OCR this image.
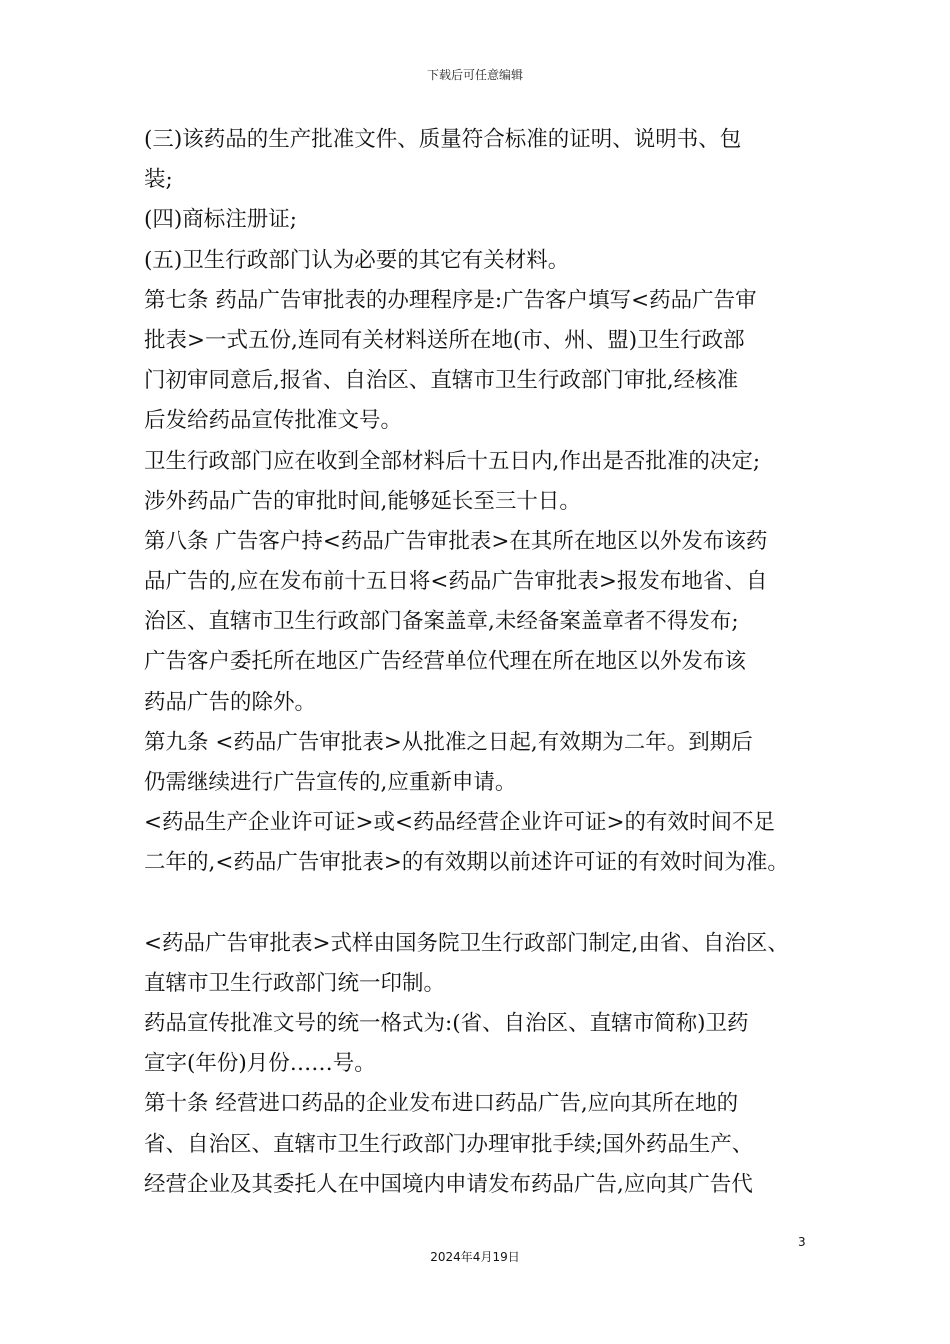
下载后可任意编辑
(三)该药品的生产批准文件、质量符合标准的证明、说明书、包
装;
(四)商标注册证;
(五)卫生行政部门认为必要的其它有关材料。
第七条 药品广告审批表的办理程序是:广告客户填写<药品广告审
批表>一式五份,连同有关材料送所在地(市、州、盟)卫生行政部
门初审同意后,报省、自治区、直辖市卫生行政部门审批,经核准
后发给药品宣传批准文号。
卫生行政部门应在收到全部材料后十五日内,作出是否批准的决定;
涉外药品广告的审批时间,能够延长至三十日。
第八条 广告客户持<药品广告审批表>在其所在地区以外发布该药
品广告的,应在发布前十五日将<药品广告审批表>报发布地省、自
治区、直辖市卫生行政部门备案盖章,未经备案盖章者不得发布;
广告客户委托所在地区广告经营单位代理在所在地区以外发布该
药品广告的除外。
第九条 <药品广告审批表>从批准之日起,有效期为二年。到期后
仍需继续进行广告宣传的,应重新申请。
<药品生产企业许可证>或<药品经营企业许可证>的有效时间不足
二年的,<药品广告审批表>的有效期以前述许可证的有效时间为准。
<药品广告审批表>式样由国务院卫生行政部门制定,由省、自治区、
直辖市卫生行政部门统一印制。
药品宣传批准文号的统一格式为:(省、自治区、直辖市简称)卫药
宣字(年份)月份……号。
第十条 经营进口药品的企业发布进口药品广告,应向其所在地的
省、自治区、直辖市卫生行政部门办理审批手续;国外药品生产、
经营企业及其委托人在中国境内申请发布药品广告,应向其广告代
3
2024年4月19日
